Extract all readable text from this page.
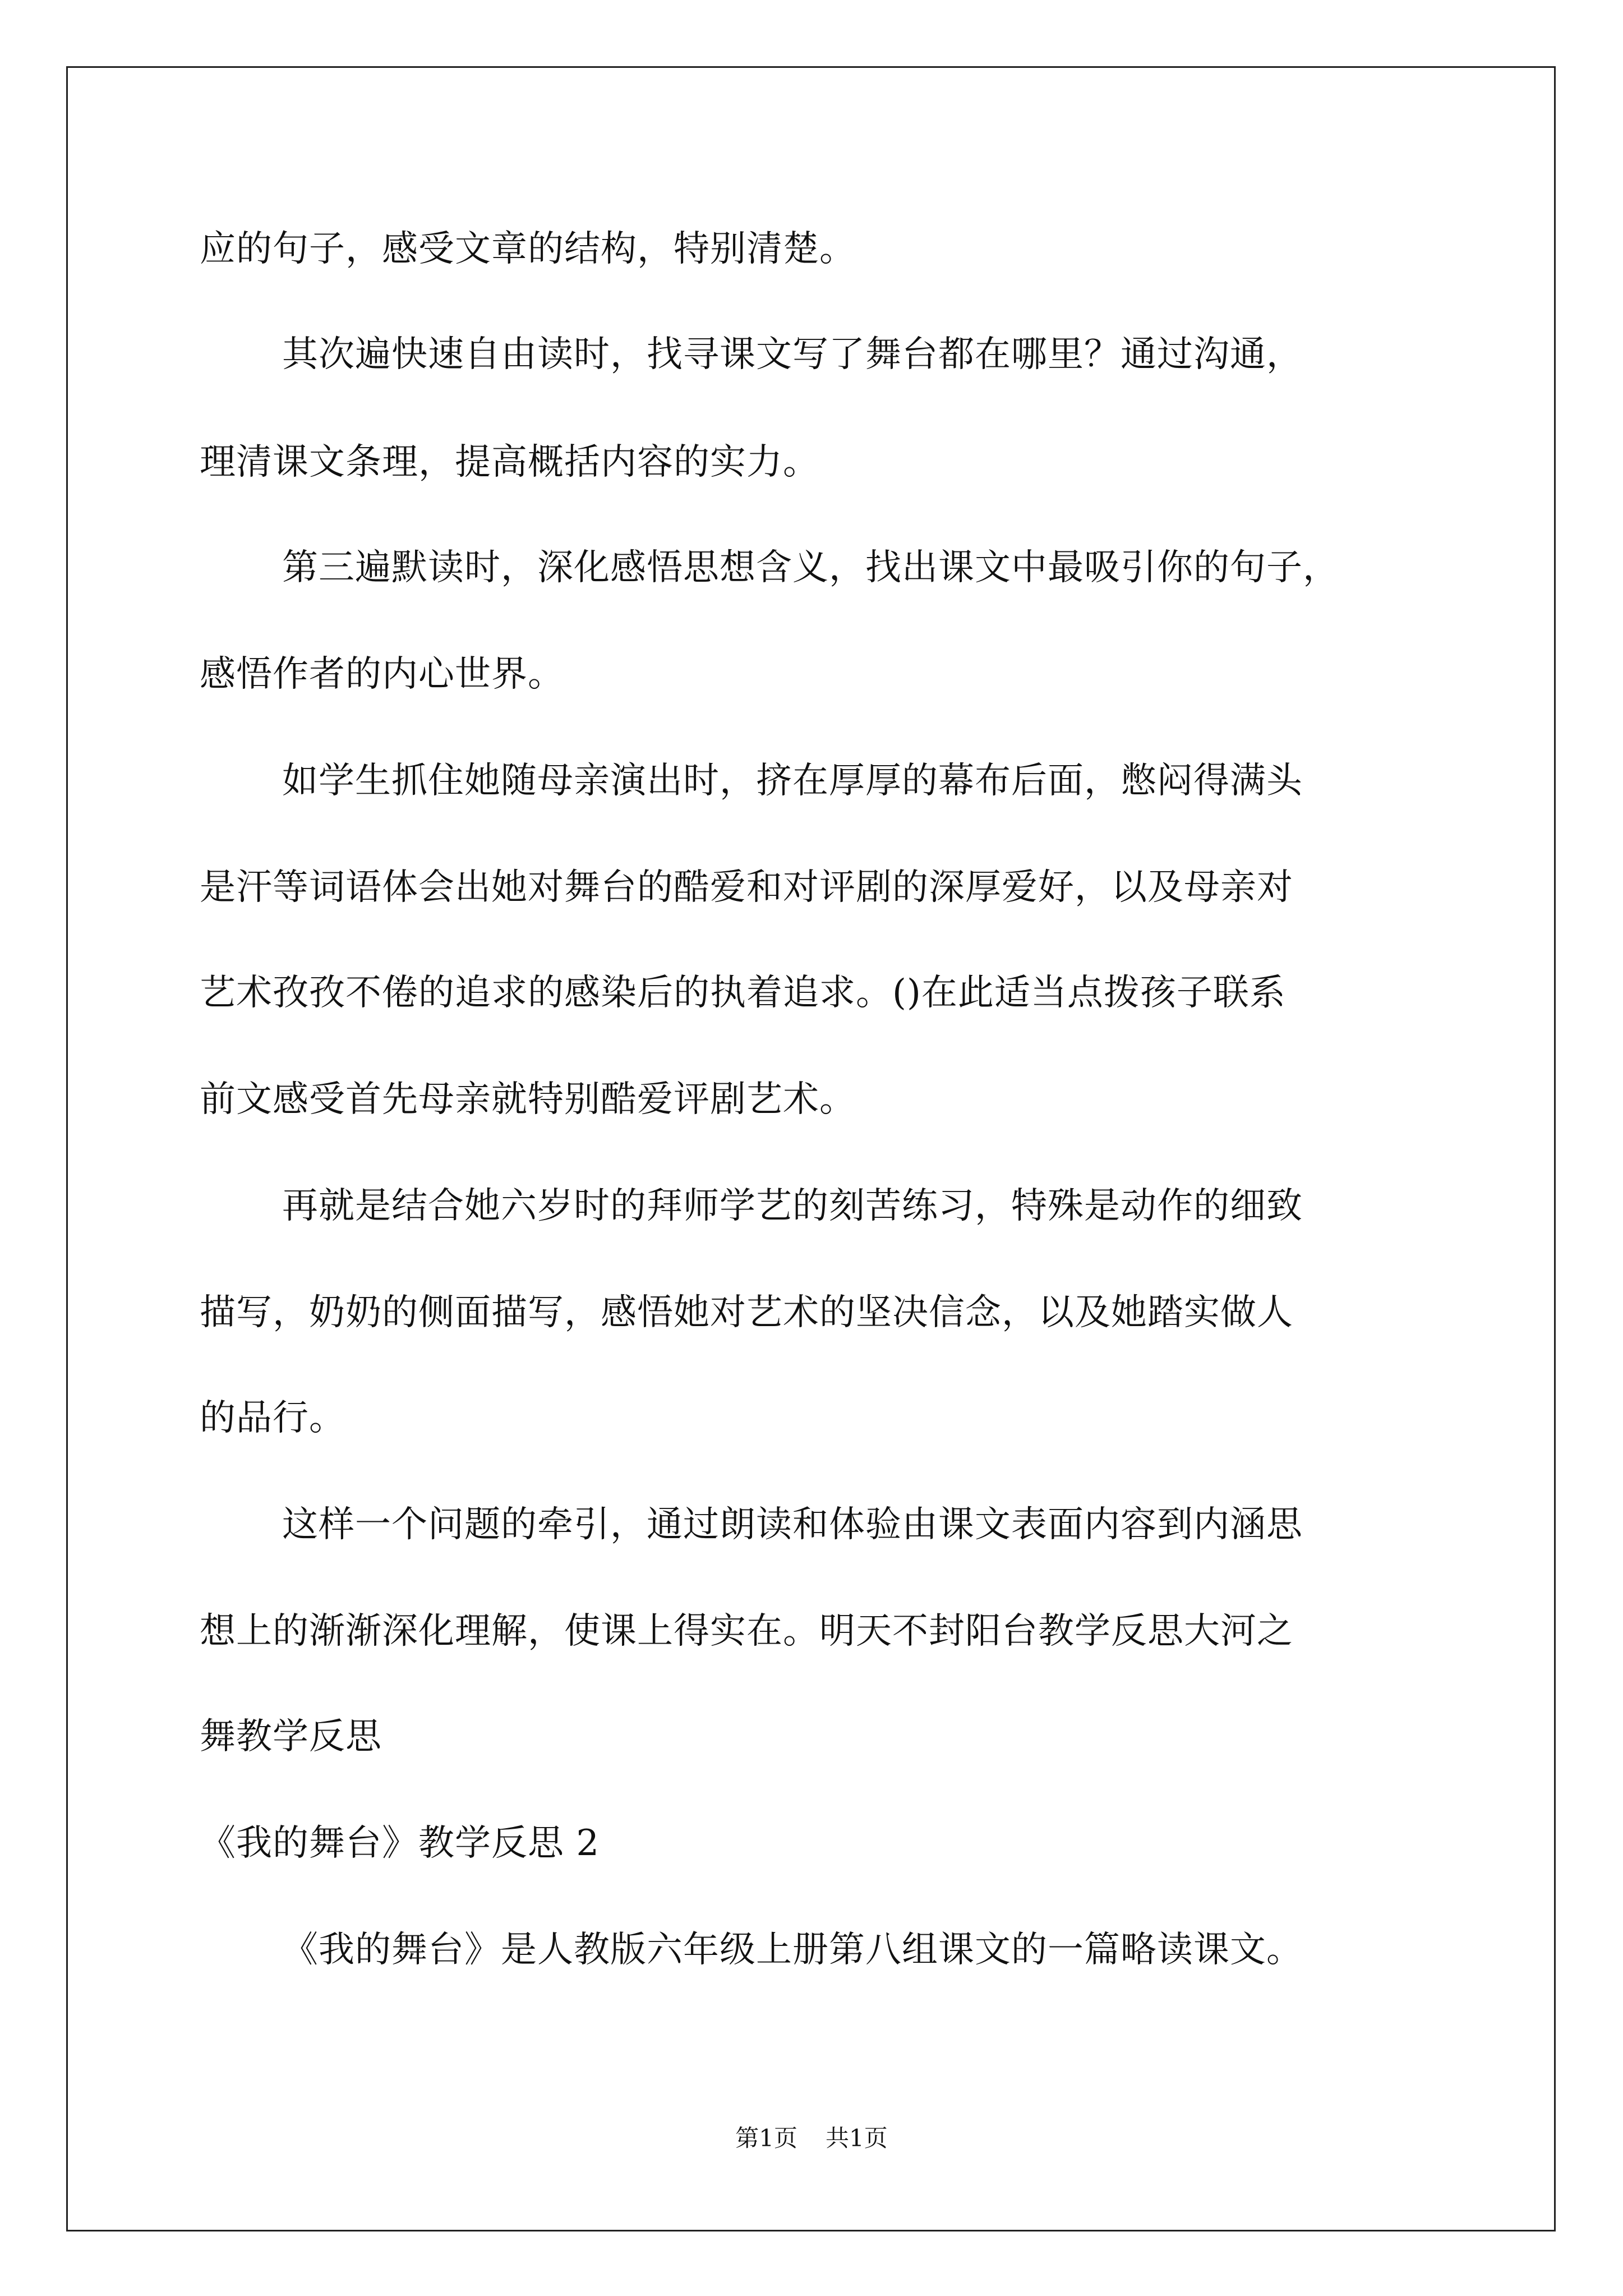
应的句子，感受文章的结构，特别清楚。
其次遍快速自由读时，找寻课文写了舞台都在哪里？通过沟通，
理清课文条理，提高概括内容的实力。
第三遍默读时，深化感悟思想含义，找出课文中最吸引你的句子，
感悟作者的内心世界。
如学生抓住她随母亲演出时，挤在厚厚的幕布后面，憋闷得满头
是汗等词语体会出她对舞台的酷爱和对评剧的深厚爱好，以及母亲对
艺术孜孜不倦的追求的感染后的执着追求。()在此适当点拨孩子联系
前文感受首先母亲就特别酷爱评剧艺术。
再就是结合她六岁时的拜师学艺的刻苦练习，特殊是动作的细致
描写，奶奶的侧面描写，感悟她对艺术的坚决信念，以及她踏实做人
的品行。
这样一个问题的牵引，通过朗读和体验由课文表面内容到内涵思
想上的渐渐深化理解，使课上得实在。明天不封阳台教学反思大河之
舞教学反思
《我的舞台》教学反思 2
《我的舞台》是人教版六年级上册第八组课文的一篇略读课文。
第1页 共1页
